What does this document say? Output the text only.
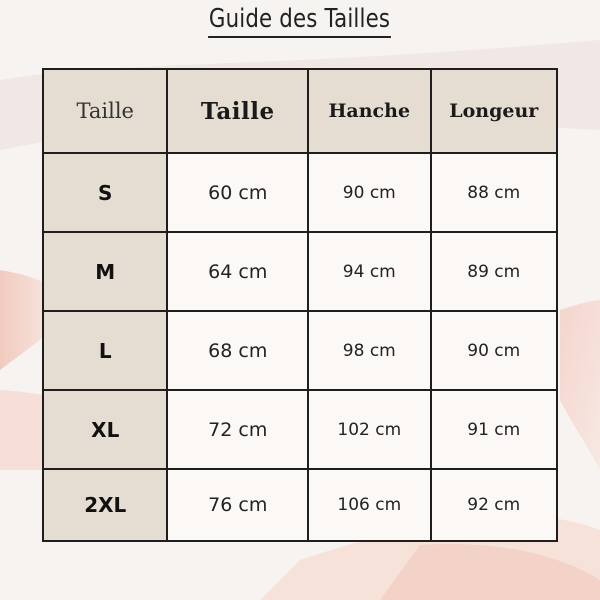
Guide des Tailles
Taille	Taille	Hanche	Longeur
S	60 cm	90 cm	88 cm
M	64 cm	94 cm	89 cm
L	68 cm	98 cm	90 cm
XL	72 cm	102 cm	91 cm
2XL	76 cm	106 cm	92 cm
